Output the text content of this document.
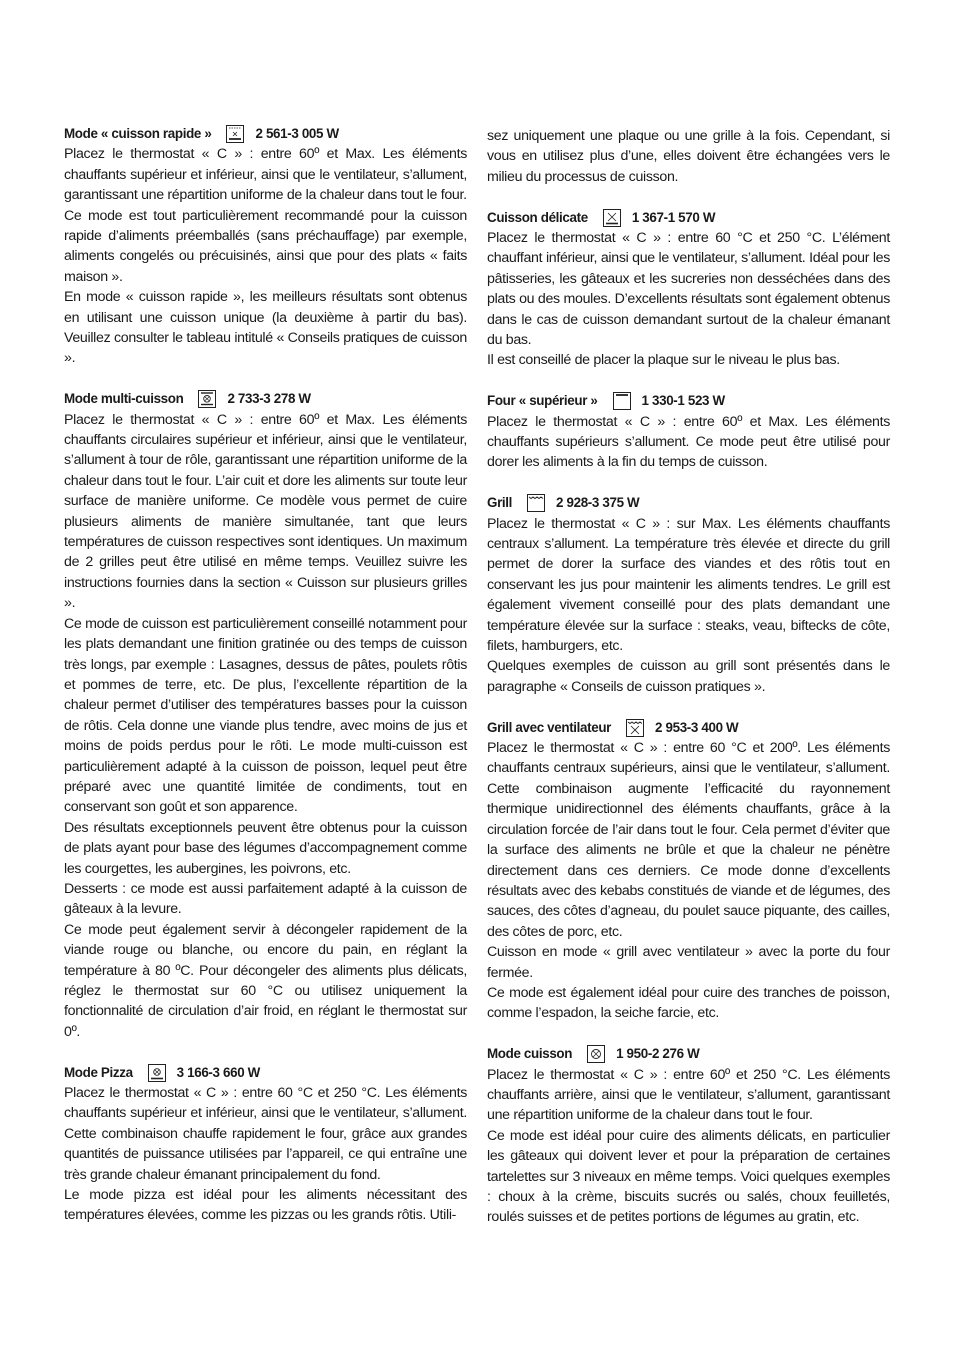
Mode « cuisson rapide »	2 561-3 005 W

Placez le thermostat « C » : entre 60º et Max. Les éléments chauffants supérieur et inférieur, ainsi que le ventilateur, s’allument, garantissant une répartition uniforme de la chaleur dans tout le four.

Ce mode est tout particulièrement recommandé pour la cuisson rapide d’aliments préemballés (sans préchauffage) par exemple, aliments congelés ou précuisinés, ainsi que pour des plats « faits maison ».

En mode « cuisson rapide », les meilleurs résultats sont obtenus en utilisant une cuisson unique (la deuxième à partir du bas). Veuillez consulter le tableau intitulé « Conseils pratiques de cuisson ».

Mode multi-cuisson	2 733-3 278 W

Placez le thermostat « C » : entre 60º et Max. Les éléments chauffants circulaires supérieur et inférieur, ainsi que le ventilateur, s’allument à tour de rôle, garantissant une répartition uniforme de la chaleur dans tout le four. L’air cuit et dore les aliments sur toute leur surface de manière uniforme. Ce modèle vous permet de cuire plusieurs aliments de manière simultanée, tant que leurs températures de cuisson respectives sont identiques. Un maximum de 2 grilles peut être utilisé en même temps. Veuillez suivre les instructions fournies dans la section « Cuisson sur plusieurs grilles ».

Ce mode de cuisson est particulièrement conseillé notamment pour les plats demandant une finition gratinée ou des temps de cuisson très longs, par exemple : Lasagnes, dessus de pâtes, poulets rôtis et pommes de terre, etc. De plus, l’excellente répartition de la chaleur permet d’utiliser des températures basses pour la cuisson de rôtis. Cela donne une viande plus tendre, avec moins de jus et moins de poids perdus pour le rôti. Le mode multi-cuisson est particulièrement adapté à la cuisson de poisson, lequel peut être préparé avec une quantité limitée de condiments, tout en conservant son goût et son apparence.

Des résultats exceptionnels peuvent être obtenus pour la cuisson de plats ayant pour base des légumes d’accompagnement comme les courgettes, les aubergines, les poivrons, etc.

Desserts : ce mode est aussi parfaitement adapté à la cuisson de gâteaux à la levure.

Ce mode peut également servir à décongeler rapidement de la viande rouge ou blanche, ou encore du pain, en réglant la température à 80 ºC. Pour décongeler des aliments plus délicats, réglez le thermostat sur 60 °C ou utilisez uniquement la fonctionnalité de circulation d’air froid, en réglant le thermostat sur 0º.

Mode Pizza	3 166-3 660 W

Placez le thermostat « C » : entre 60 °C et 250 °C. Les éléments chauffants supérieur et inférieur, ainsi que le ventilateur, s’allument. Cette combinaison chauffe rapidement le four, grâce aux grandes quantités de puissance utilisées par l’appareil, ce qui entraîne une très grande chaleur émanant principalement du fond.

Le mode pizza est idéal pour les aliments nécessitant des températures élevées, comme les pizzas ou les grands rôtis. Utili-

sez uniquement une plaque ou une grille à la fois. Cependant, si vous en utilisez plus d’une, elles doivent être échangées vers le milieu du processus de cuisson.

Cuisson délicate	1 367-1 570 W

Placez le thermostat « C » : entre 60 °C et 250 °C. L’élément chauffant inférieur, ainsi que le ventilateur, s’allument. Idéal pour les pâtisseries, les gâteaux et les sucreries non desséchées dans des plats ou des moules. D’excellents résultats sont également obtenus dans le cas de cuisson demandant surtout de la chaleur émanant du bas.

Il est conseillé de placer la plaque sur le niveau le plus bas.

Four « supérieur »	1 330-1 523 W

Placez le thermostat « C » : entre 60º et Max. Les éléments chauffants supérieurs s’allument. Ce mode peut être utilisé pour dorer les aliments à la fin du temps de cuisson.

Grill	2 928-3 375 W

Placez le thermostat « C » : sur Max. Les éléments chauffants centraux s’allument. La température très élevée et directe du grill permet de dorer la surface des viandes et des rôtis tout en conservant les jus pour maintenir les aliments tendres. Le grill est également vivement conseillé pour des plats demandant une température élevée sur la surface : steaks, veau, biftecks de côte, filets, hamburgers, etc.

Quelques exemples de cuisson au grill sont présentés dans le paragraphe « Conseils de cuisson pratiques ».

Grill avec ventilateur	2 953-3 400 W

Placez le thermostat « C » : entre 60 °C et 200º. Les éléments chauffants centraux supérieurs, ainsi que le ventilateur, s’allument. Cette combinaison augmente l’efficacité du rayonnement thermique unidirectionnel des éléments chauffants, grâce à la circulation forcée de l’air dans tout le four. Cela permet d’éviter que la surface des aliments ne brûle et que la chaleur ne pénètre directement dans ces derniers. Ce mode donne d’excellents résultats avec des kebabs constitués de viande et de légumes, des sauces, des côtes d’agneau, du poulet sauce piquante, des cailles, des côtes de porc, etc.

Cuisson en mode « grill avec ventilateur » avec la porte du four fermée.

Ce mode est également idéal pour cuire des tranches de poisson, comme l’espadon, la seiche farcie, etc.

Mode cuisson	1 950-2 276 W

Placez le thermostat « C » : entre 60º et 250 °C. Les éléments chauffants arrière, ainsi que le ventilateur, s’allument, garantissant une répartition uniforme de la chaleur dans tout le four.

Ce mode est idéal pour cuire des aliments délicats, en particulier les gâteaux qui doivent lever et pour la préparation de certaines tartelettes sur 3 niveaux en même temps. Voici quelques exemples : choux à la crème, biscuits sucrés ou salés, choux feuilletés, roulés suisses et de petites portions de légumes au gratin, etc.
